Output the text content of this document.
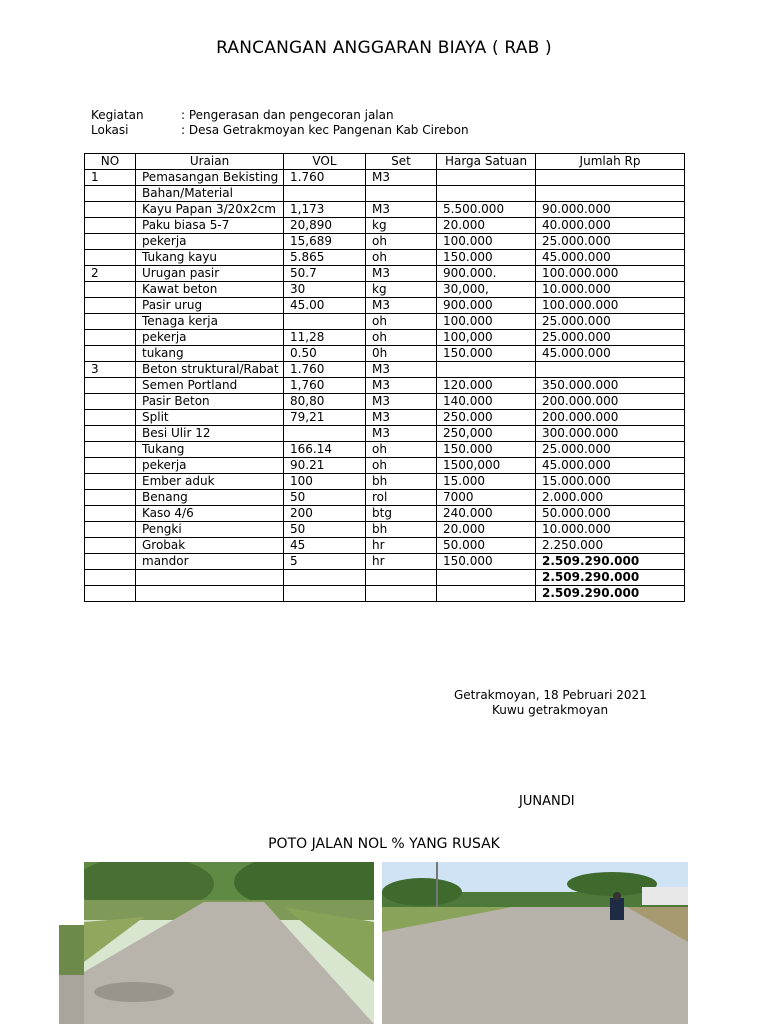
RANCANGAN ANGGARAN BIAYA ( RAB )
Kegiatan	: Pengerasan dan pengecoran jalan
Lokasi	: Desa Getrakmoyan kec Pangenan Kab Cirebon
NO	Uraian	VOL	Set	Harga Satuan	Jumlah Rp
1	Pemasangan Bekisting	1.760	M3		
	Bahan/Material				
	Kayu Papan 3/20x2cm	1,173	M3	5.500.000	90.000.000
	Paku biasa 5-7	20,890	kg	20.000	40.000.000
	pekerja	15,689	oh	100.000	25.000.000
	Tukang kayu	5.865	oh	150.000	45.000.000
2	Urugan pasir	50.7	M3	900.000.	100.000.000
	Kawat beton	30	kg	30,000,	10.000.000
	Pasir urug	45.00	M3	900.000	100.000.000
	Tenaga kerja		oh	100.000	25.000.000
	pekerja	11,28	oh	100,000	25.000.000
	tukang	0.50	0h	150.000	45.000.000
3	Beton struktural/Rabat	1.760	M3		
	Semen Portland	1,760	M3	120.000	350.000.000
	Pasir Beton	80,80	M3	140.000	200.000.000
	Split	79,21	M3	250.000	200.000.000
	Besi Ulir 12		M3	250,000	300.000.000
	Tukang	166.14	oh	150.000	25.000.000
	pekerja	90.21	oh	1500,000	45.000.000
	Ember aduk	100	bh	15.000	15.000.000
	Benang	50	rol	7000	2.000.000
	Kaso 4/6	200	btg	240.000	50.000.000
	Pengki	50	bh	20.000	10.000.000
	Grobak	45	hr	50.000	2.250.000
	mandor	5	hr	150.000	2.509.290.000
					2.509.290.000
					2.509.290.000
Getrakmoyan, 18 Pebruari 2021
Kuwu getrakmoyan
JUNANDI
POTO JALAN NOL % YANG RUSAK
